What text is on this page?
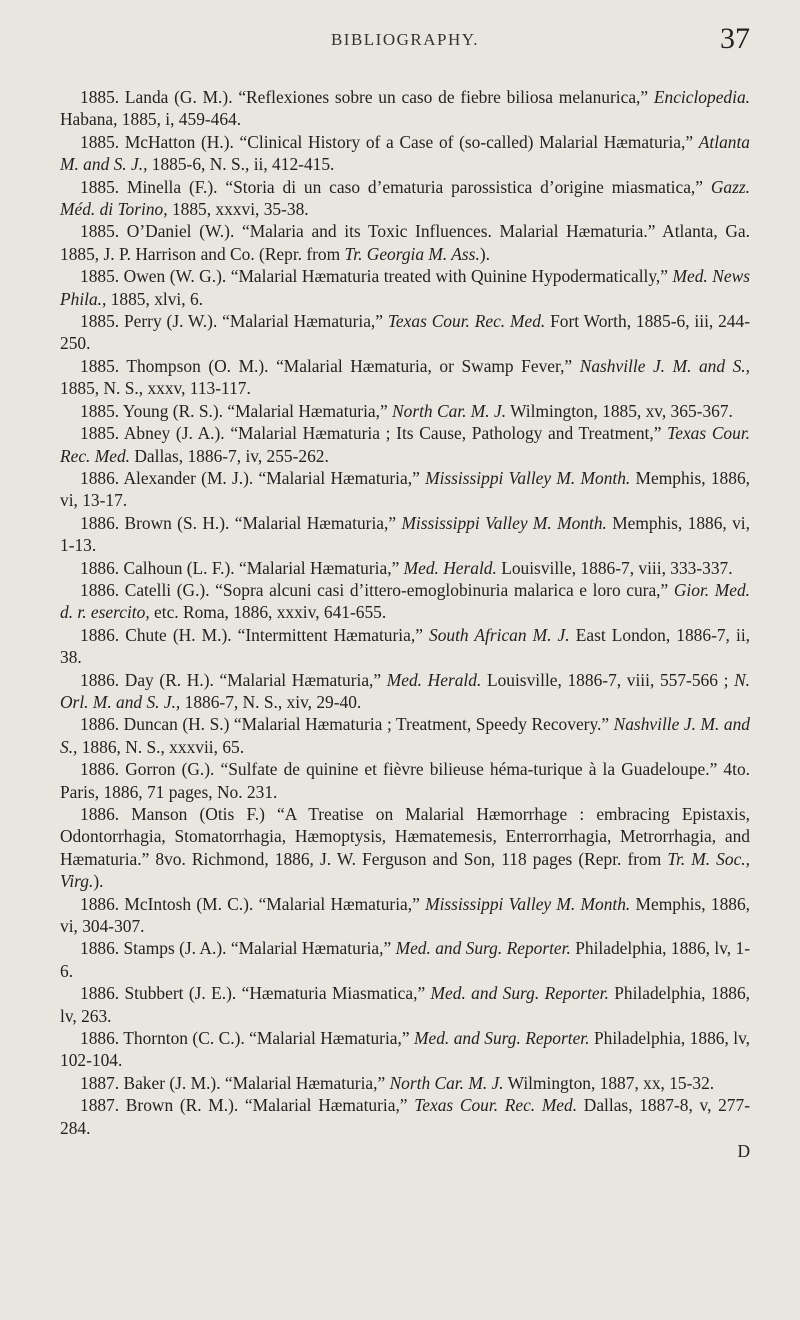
BIBLIOGRAPHY.	37

1885. Landa (G. M.). “Reflexiones sobre un caso de fiebre biliosa melanurica,” Enciclopedia. Habana, 1885, i, 459-464.

1885. McHatton (H.). “Clinical History of a Case of (so-called) Malarial Hæmaturia,” Atlanta M. and S. J., 1885-6, N. S., ii, 412-415.

1885. Minella (F.). “Storia di un caso d’ematuria parossistica d’origine miasmatica,” Gazz. Méd. di Torino, 1885, xxxvi, 35-38.

1885. O’Daniel (W.). “Malaria and its Toxic Influences. Malarial Hæmaturia.” Atlanta, Ga. 1885, J. P. Harrison and Co. (Repr. from Tr. Georgia M. Ass.).

1885. Owen (W. G.). “Malarial Hæmaturia treated with Quinine Hypodermatically,” Med. News Phila., 1885, xlvi, 6.

1885. Perry (J. W.). “Malarial Hæmaturia,” Texas Cour. Rec. Med. Fort Worth, 1885-6, iii, 244-250.

1885. Thompson (O. M.). “Malarial Hæmaturia, or Swamp Fever,” Nashville J. M. and S., 1885, N. S., xxxv, 113-117.

1885. Young (R. S.). “Malarial Hæmaturia,” North Car. M. J. Wilmington, 1885, xv, 365-367.

1885. Abney (J. A.). “Malarial Hæmaturia ; Its Cause, Pathology and Treatment,” Texas Cour. Rec. Med. Dallas, 1886-7, iv, 255-262.

1886. Alexander (M. J.). “Malarial Hæmaturia,” Mississippi Valley M. Month. Memphis, 1886, vi, 13-17.

1886. Brown (S. H.). “Malarial Hæmaturia,” Mississippi Valley M. Month. Memphis, 1886, vi, 1-13.

1886. Calhoun (L. F.). “Malarial Hæmaturia,” Med. Herald. Louisville, 1886-7, viii, 333-337.

1886. Catelli (G.). “Sopra alcuni casi d’ittero-emoglobinuria malarica e loro cura,” Gior. Med. d. r. esercito, etc. Roma, 1886, xxxiv, 641-655.

1886. Chute (H. M.). “Intermittent Hæmaturia,” South African M. J. East London, 1886-7, ii, 38.

1886. Day (R. H.). “Malarial Hæmaturia,” Med. Herald. Louisville, 1886-7, viii, 557-566 ; N. Orl. M. and S. J., 1886-7, N. S., xiv, 29-40.

1886. Duncan (H. S.) “Malarial Hæmaturia ; Treatment, Speedy Recovery.” Nashville J. M. and S., 1886, N. S., xxxvii, 65.

1886. Gorron (G.). “Sulfate de quinine et fièvre bilieuse héma-turique à la Guadeloupe.” 4to. Paris, 1886, 71 pages, No. 231.

1886. Manson (Otis F.) “A Treatise on Malarial Hæmorrhage : embracing Epistaxis, Odontorrhagia, Stomatorrhagia, Hæmoptysis, Hæmatemesis, Enterrorrhagia, Metrorrhagia, and Hæmaturia.” 8vo. Richmond, 1886, J. W. Ferguson and Son, 118 pages (Repr. from Tr. M. Soc., Virg.).

1886. McIntosh (M. C.). “Malarial Hæmaturia,” Mississippi Valley M. Month. Memphis, 1886, vi, 304-307.

1886. Stamps (J. A.). “Malarial Hæmaturia,” Med. and Surg. Reporter. Philadelphia, 1886, lv, 1-6.

1886. Stubbert (J. E.). “Hæmaturia Miasmatica,” Med. and Surg. Reporter. Philadelphia, 1886, lv, 263.

1886. Thornton (C. C.). “Malarial Hæmaturia,” Med. and Surg. Reporter. Philadelphia, 1886, lv, 102-104.

1887. Baker (J. M.). “Malarial Hæmaturia,” North Car. M. J. Wilmington, 1887, xx, 15-32.

1887. Brown (R. M.). “Malarial Hæmaturia,” Texas Cour. Rec. Med. Dallas, 1887-8, v, 277-284.

D
